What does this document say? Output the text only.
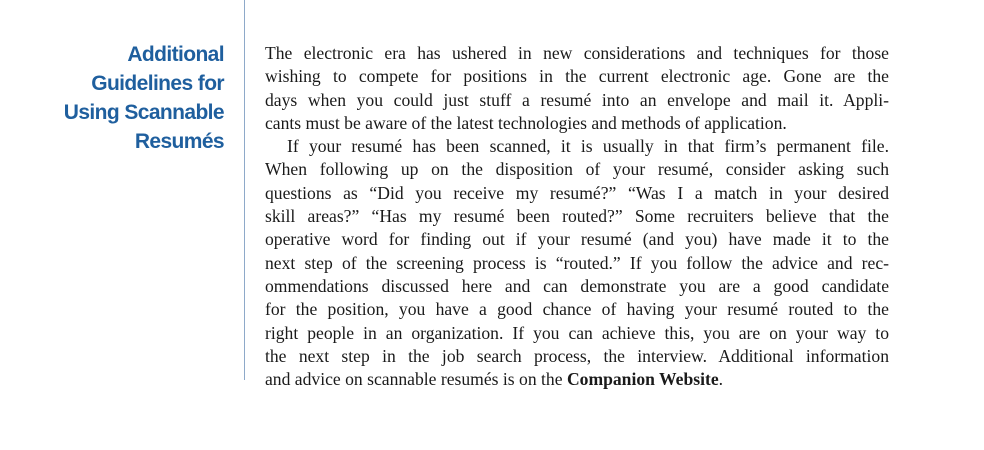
Additional
Guidelines for
Using Scannable
Resumés
The electronic era has ushered in new considerations and techniques for those
wishing to compete for positions in the current electronic age. Gone are the
days when you could just stuff a resumé into an envelope and mail it. Appli-
cants must be aware of the latest technologies and methods of application.
If your resumé has been scanned, it is usually in that firm’s permanent file.
When following up on the disposition of your resumé, consider asking such
questions as “Did you receive my resumé?” “Was I a match in your desired
skill areas?” “Has my resumé been routed?” Some recruiters believe that the
operative word for finding out if your resumé (and you) have made it to the
next step of the screening process is “routed.” If you follow the advice and rec-
ommendations discussed here and can demonstrate you are a good candidate
for the position, you have a good chance of having your resumé routed to the
right people in an organization. If you can achieve this, you are on your way to
the next step in the job search process, the interview. Additional information
and advice on scannable resumés is on the Companion Website.
